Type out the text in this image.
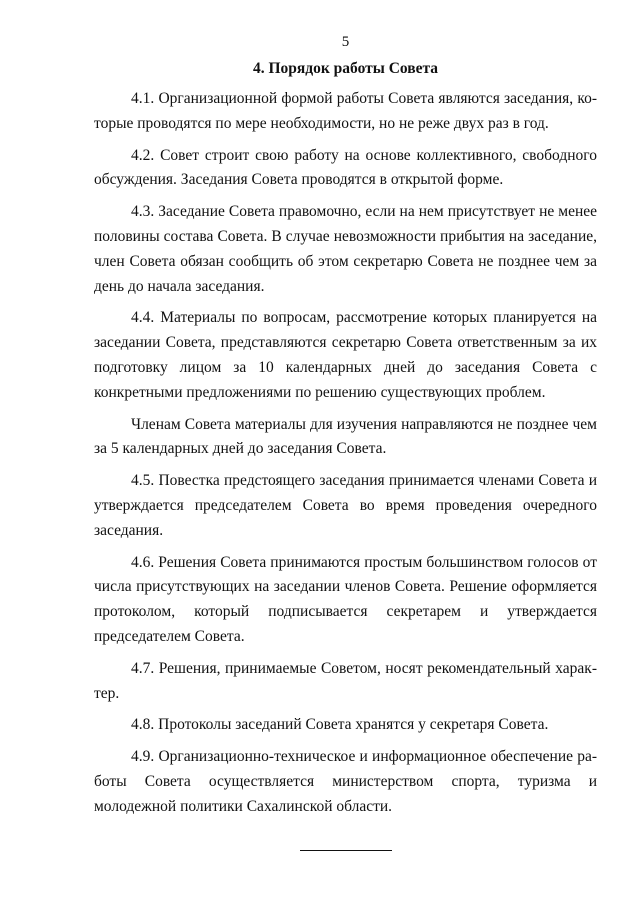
5
4. Порядок работы Совета

4.1. Организационной формой работы Совета являются заседания, которые проводятся по мере необходимости, но не реже двух раз в год.

4.2. Совет строит свою работу на основе коллективного, свободного обсуждения. Заседания Совета проводятся в открытой форме.

4.3. Заседание Совета правомочно, если на нем присутствует не менее половины состава Совета. В случае невозможности прибытия на заседание, член Совета обязан сообщить об этом секретарю Совета не позднее чем за день до начала заседания.

4.4. Материалы по вопросам, рассмотрение которых планируется на заседании Совета, представляются секретарю Совета ответственным за их подготовку лицом за 10 календарных дней до заседания Совета с конкретными предложениями по решению существующих проблем.

Членам Совета материалы для изучения направляются не позднее чем за 5 календарных дней до заседания Совета.

4.5. Повестка предстоящего заседания принимается членами Совета и утверждается председателем Совета во время проведения очередного заседания.

4.6. Решения Совета принимаются простым большинством голосов от числа присутствующих на заседании членов Совета. Решение оформляется протоколом, который подписывается секретарем и утверждается председателем Совета.

4.7. Решения, принимаемые Советом, носят рекомендательный характер.

4.8. Протоколы заседаний Совета хранятся у секретаря Совета.

4.9. Организационно-техническое и информационное обеспечение работы Совета осуществляется министерством спорта, туризма и молодежной политики Сахалинской области.
